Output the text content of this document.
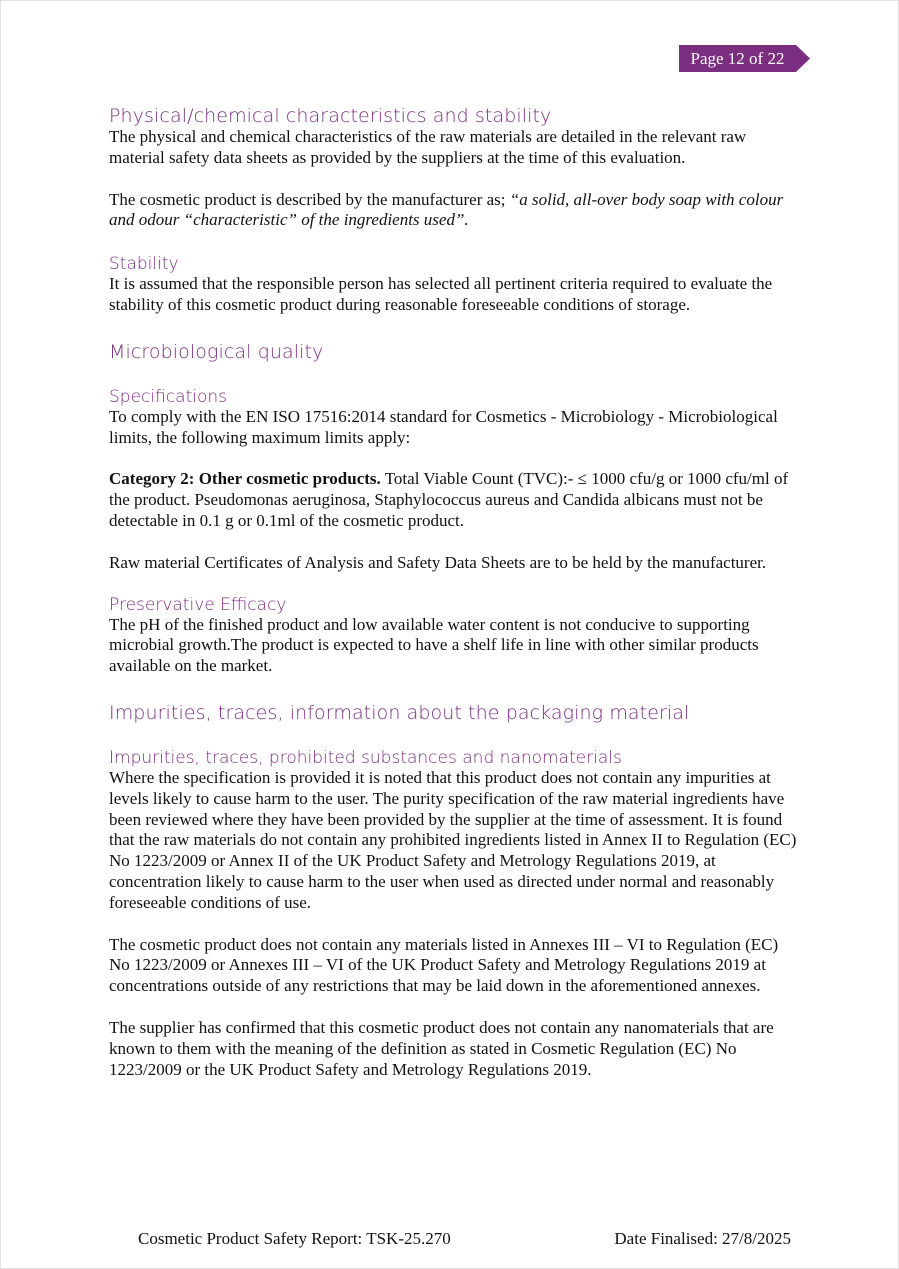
Page 12 of 22
Physical/chemical characteristics and stability

The physical and chemical characteristics of the raw materials are detailed in the relevant raw material safety data sheets as provided by the suppliers at the time of this evaluation.

The cosmetic product is described by the manufacturer as; “a solid, all-over body soap with colour and odour “characteristic” of the ingredients used”.

Stability

It is assumed that the responsible person has selected all pertinent criteria required to evaluate the stability of this cosmetic product during reasonable foreseeable conditions of storage.

Microbiological quality
Specifications

To comply with the EN ISO 17516:2014 standard for Cosmetics - Microbiology - Microbiological limits, the following maximum limits apply:

Category 2: Other cosmetic products. Total Viable Count (TVC):- ≤ 1000 cfu/g or 1000 cfu/ml of the product. Pseudomonas aeruginosa, Staphylococcus aureus and Candida albicans must not be detectable in 0.1 g or 0.1ml of the cosmetic product.

Raw material Certificates of Analysis and Safety Data Sheets are to be held by the manufacturer.

Preservative Efficacy

The pH of the finished product and low available water content is not conducive to supporting microbial growth.The product is expected to have a shelf life in line with other similar products available on the market.

Impurities, traces, information about the packaging material
Impurities, traces, prohibited substances and nanomaterials

Where the specification is provided it is noted that this product does not contain any impurities at levels likely to cause harm to the user. The purity specification of the raw material ingredients have been reviewed where they have been provided by the supplier at the time of assessment. It is found that the raw materials do not contain any prohibited ingredients listed in Annex II to Regulation (EC) No 1223/2009 or Annex II of the UK Product Safety and Metrology Regulations 2019, at concentration likely to cause harm to the user when used as directed under normal and reasonably foreseeable conditions of use.

The cosmetic product does not contain any materials listed in Annexes III – VI to Regulation (EC) No 1223/2009 or Annexes III – VI of the UK Product Safety and Metrology Regulations 2019 at concentrations outside of any restrictions that may be laid down in the aforementioned annexes.

The supplier has confirmed that this cosmetic product does not contain any nanomaterials that are known to them with the meaning of the definition as stated in Cosmetic Regulation (EC) No 1223/2009 or the UK Product Safety and Metrology Regulations 2019.

Cosmetic Product Safety Report: TSK-25.270	Date Finalised: 27/8/2025
